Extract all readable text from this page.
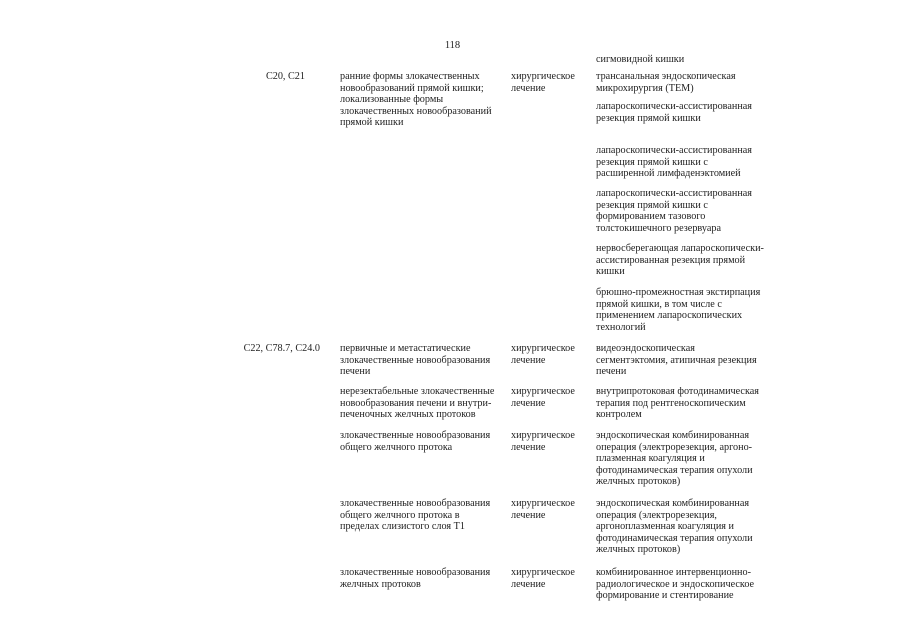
118
сигмовидной кишки
C20, C21	ранние формы злокачественных
новообразований прямой кишки;
локализованные формы
злокачественных новообразований
прямой кишки
хирургическое
лечение
трансанальная эндоскопическая
микрохирургия (TEM)
лапароскопически-ассистированная
резекция прямой кишки
лапароскопически-ассистированная
резекция прямой кишки с
расширенной лимфаденэктомией
лапароскопически-ассистированная
резекция прямой кишки с
формированием тазового
толстокишечного резервуара
нервосберегающая лапароскопически-
ассистированная резекция прямой
кишки
брюшно-промежностная экстирпация
прямой кишки, в том числе с
применением лапароскопических
технологий
C22, C78.7, C24.0 первичные и метастатические
злокачественные новообразования
печени
хирургическое
лечение
видеоэндоскопическая
сегментэктомия, атипичная резекция
печени
нерезектабельные злокачественные
новообразования печени и внутри-
печеночных желчных протоков
хирургическое
лечение
внутрипротоковая фотодинамическая
терапия под рентгеноскопическим
контролем
злокачественные новообразования
общего желчного протока
хирургическое
лечение
эндоскопическая комбинированная
операция (электрорезекция, аргоно-
плазменная коагуляция и
фотодинамическая терапия опухоли
желчных протоков)
злокачественные новообразования
общего желчного протока в
пределах слизистого слоя T1
хирургическое
лечение
эндоскопическая комбинированная
операция (электрорезекция,
аргоноплазменная коагуляция и
фотодинамическая терапия опухоли
желчных протоков)
злокачественные новообразования
желчных протоков
хирургическое
лечение
комбинированное интервенционно-
радиологическое и эндоскопическое
формирование и стентирование
